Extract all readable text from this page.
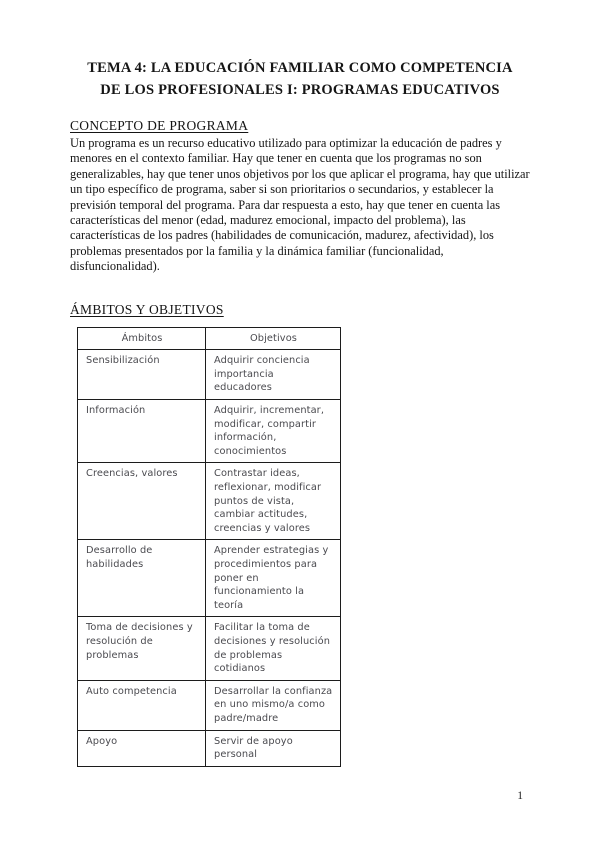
TEMA 4: LA EDUCACIÓN FAMILIAR COMO COMPETENCIA
DE LOS PROFESIONALES I: PROGRAMAS EDUCATIVOS
CONCEPTO DE PROGRAMA

Un programa es un recurso educativo utilizado para optimizar la educación de padres y menores en el contexto familiar. Hay que tener en cuenta que los programas no son generalizables, hay que tener unos objetivos por los que aplicar el programa, hay que utilizar un tipo específico de programa, saber si son prioritarios o secundarios, y establecer la previsión temporal del programa. Para dar respuesta a esto, hay que tener en cuenta las características del menor (edad, madurez emocional, impacto del problema), las características de los padres (habilidades de comunicación, madurez, afectividad), los problemas presentados por la familia y la dinámica familiar (funcionalidad, disfuncionalidad).

ÁMBITOS Y OBJETIVOS
Ámbitos	Objetivos
Sensibilización	Adquirir conciencia importancia educadores
Información	Adquirir, incrementar, modificar, compartir información, conocimientos
Creencias, valores	Contrastar ideas, reflexionar, modificar puntos de vista, cambiar actitudes, creencias y valores
Desarrollo de habilidades	Aprender estrategias y procedimientos para poner en funcionamiento la teoría
Toma de decisiones y resolución de problemas	Facilitar la toma de decisiones y resolución de problemas cotidianos
Auto competencia	Desarrollar la confianza en uno mismo/a como padre/madre
Apoyo	Servir de apoyo personal
1
